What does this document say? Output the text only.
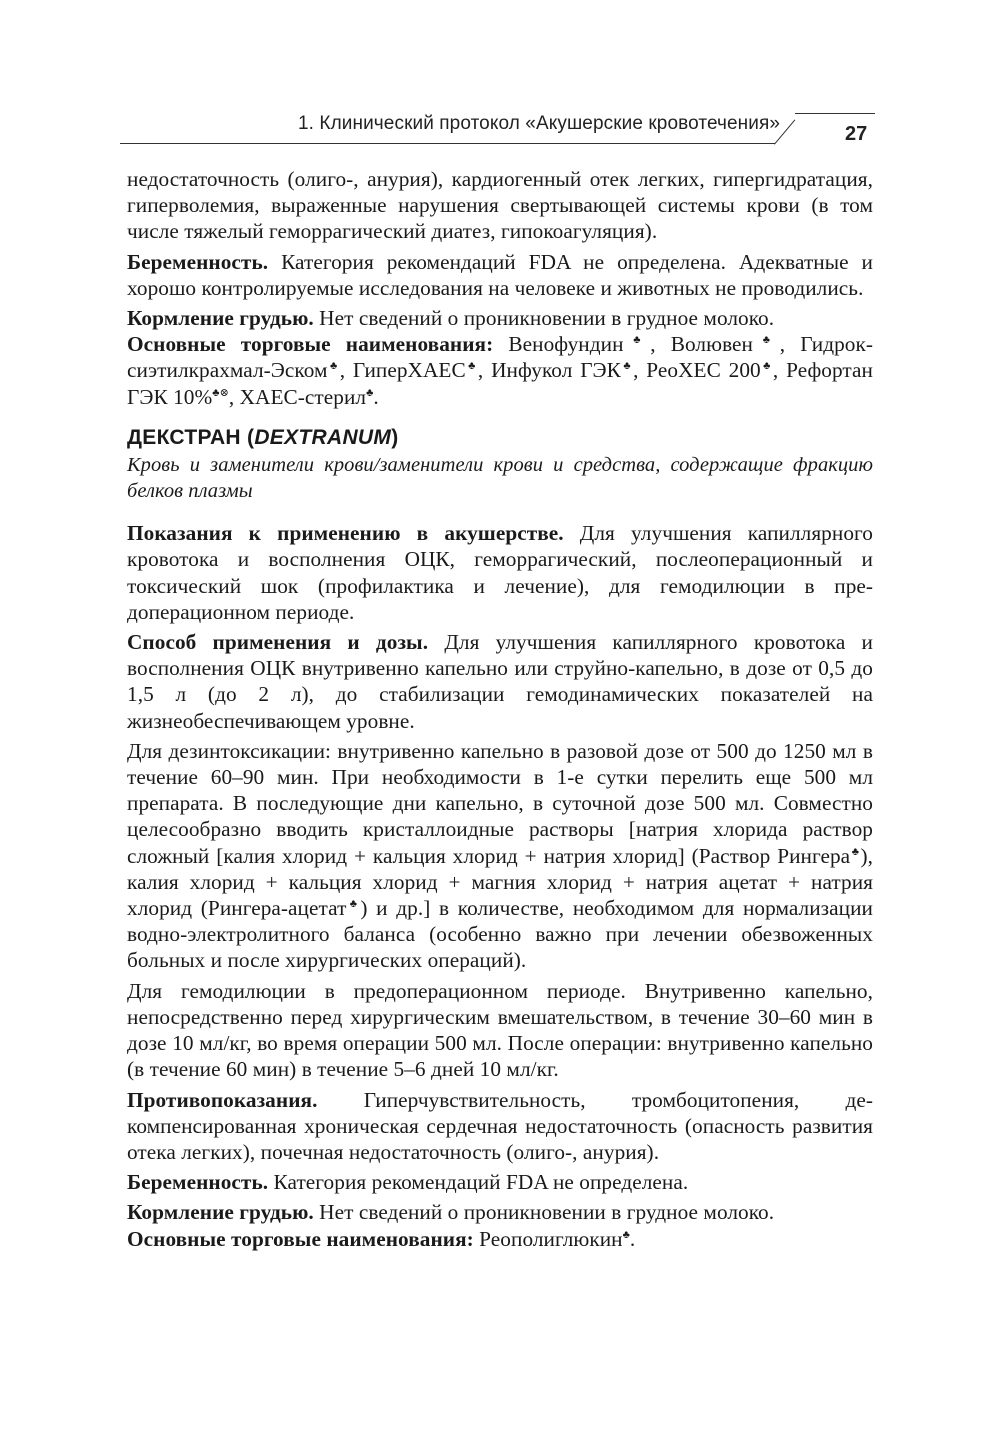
1. Клинический протокол «Акушерские кровотечения»	27

недостаточность (олиго-, анурия), кардиогенный отек легких, гипергидратация, гиперволемия, выраженные нарушения свертывающей системы крови (в том числе тяжелый геморрагический диатез, гипокоагуляция).

Беременность. Категория рекомендаций FDA не определена. Адекватные и хорошо контролируемые исследования на человеке и животных не проводились.

Кормление грудью. Нет сведений о проникновении в грудное молоко.

Основные торговые наименования: Венофундин♣, Волювен♣, Гидроксиэтилкрахмал-Эском♣, ГиперХАЕС♣, Инфукол ГЭК♣, РеоХЕС 200♣, Рефортан ГЭК 10%♣⊗, ХАЕС-стерил♣.

ДЕКСТРАН (DEXTRANUM)

Кровь и заменители крови/заменители крови и средства, содержащие фракцию белков плазмы

Показания к применению в акушерстве. Для улучшения капиллярного кровотока и восполнения ОЦК, геморрагический, послеоперационный и токсический шок (профилактика и лечение), для гемодилюции в предоперационном периоде.

Способ применения и дозы. Для улучшения капиллярного кровотока и восполнения ОЦК внутривенно капельно или струйно-капельно, в дозе от 0,5 до 1,5 л (до 2 л), до стабилизации гемодинамических показателей на жизнеобеспечивающем уровне.

Для дезинтоксикации: внутривенно капельно в разовой дозе от 500 до 1250 мл в течение 60–90 мин. При необходимости в 1-е сутки перелить еще 500 мл препарата. В последующие дни капельно, в суточной дозе 500 мл. Совместно целесообразно вводить кристаллоидные растворы [натрия хлорида раствор сложный [калия хлорид + кальция хлорид + натрия хлорид] (Раствор Рингера♣), калия хлорид + кальция хлорид + магния хлорид + натрия ацетат + натрия хлорид (Рингера-ацетат♣) и др.] в количестве, необходимом для нормализации водно-электролитного баланса (особенно важно при лечении обезвоженных больных и после хирургических операций).

Для гемодилюции в предоперационном периоде. Внутривенно капельно, непосредственно перед хирургическим вмешательством, в течение 30–60 мин в дозе 10 мл/кг, во время операции 500 мл. После операции: внутривенно капельно (в течение 60 мин) в течение 5–6 дней 10 мл/кг.

Противопоказания. Гиперчувствительность, тромбоцитопения, декомпенсированная хроническая сердечная недостаточность (опасность развития отека легких), почечная недостаточность (олиго-, анурия).

Беременность. Категория рекомендаций FDA не определена.

Кормление грудью. Нет сведений о проникновении в грудное молоко.

Основные торговые наименования: Реополиглюкин♣.
